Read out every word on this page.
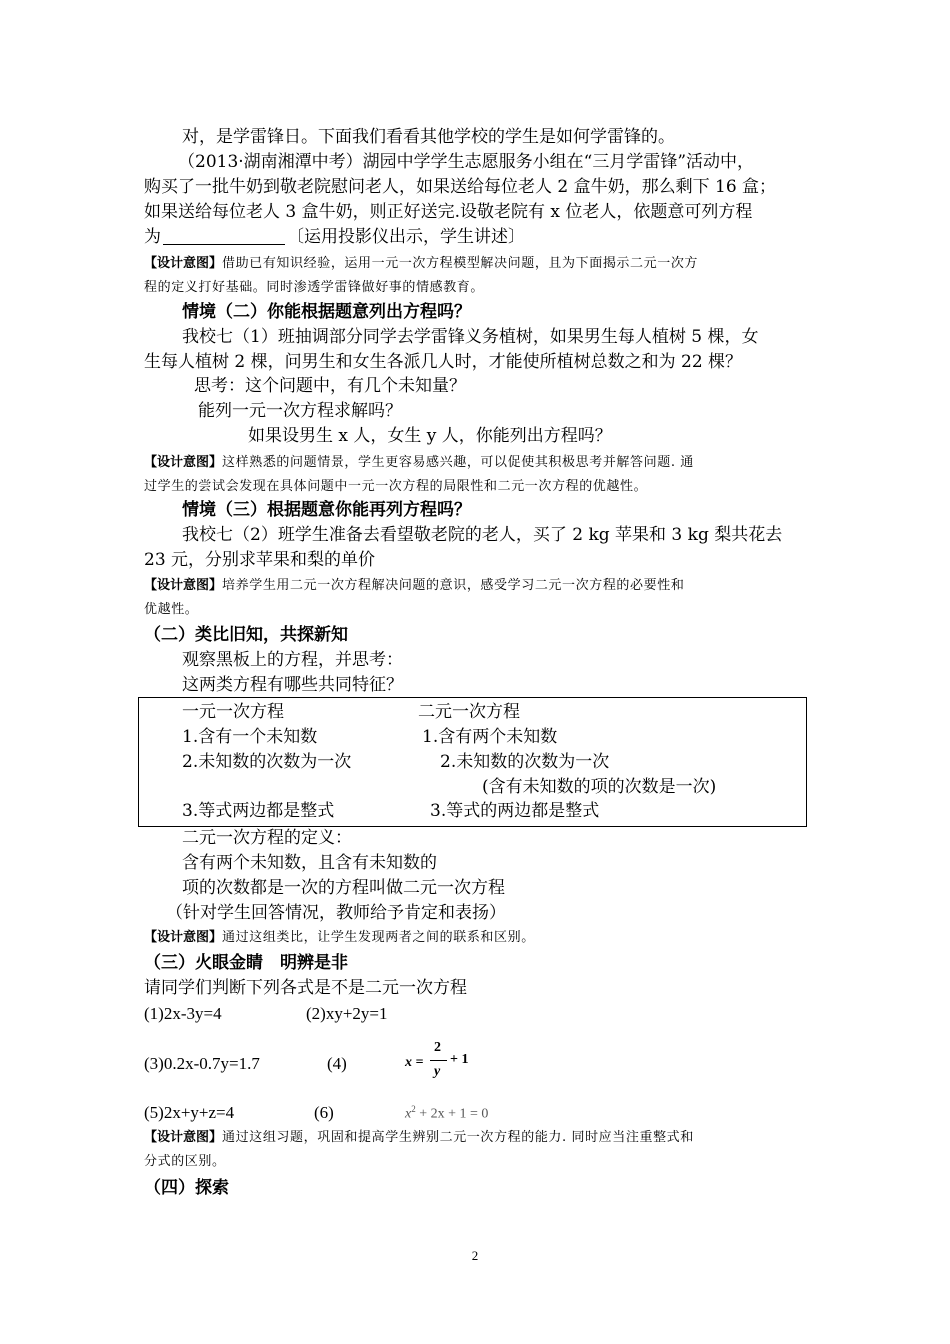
对，是学雷锋日。下面我们看看其他学校的学生是如何学雷锋的。
（2013·湖南湘潭中考）湖园中学学生志愿服务小组在“三月学雷锋”活动中，
购买了一批牛奶到敬老院慰问老人，如果送给每位老人 2 盒牛奶，那么剩下 16 盒；
如果送给每位老人 3 盒牛奶，则正好送完.设敬老院有 x 位老人，依题意可列方程
为	〔运用投影仪出示，学生讲述〕
【设计意图】借助已有知识经验，运用一元一次方程模型解决问题，且为下面揭示二元一次方
程的定义打好基础。同时渗透学雷锋做好事的情感教育。
情境（二）你能根据题意列出方程吗？
我校七（1）班抽调部分同学去学雷锋义务植树，如果男生每人植树 5 棵，女
生每人植树 2 棵，问男生和女生各派几人时，才能使所植树总数之和为 22 棵？
思考：这个问题中，有几个未知量？
能列一元一次方程求解吗？
如果设男生 x 人，女生 y 人，你能列出方程吗？
【设计意图】这样熟悉的问题情景，学生更容易感兴趣，可以促使其积极思考并解答问题. 通
过学生的尝试会发现在具体问题中一元一次方程的局限性和二元一次方程的优越性。
情境（三）根据题意你能再列方程吗？
我校七（2）班学生准备去看望敬老院的老人，买了 2 kg 苹果和 3 kg 梨共花去
23 元，分别求苹果和梨的单价
【设计意图】培养学生用二元一次方程解决问题的意识，感受学习二元一次方程的必要性和
优越性。
（二）类比旧知，共探新知
观察黑板上的方程，并思考：
这两类方程有哪些共同特征？
一元一次方程	二元一次方程
1.含有一个未知数	1.含有两个未知数
2.未知数的次数为一次	2.未知数的次数为一次
(含有未知数的项的次数是一次)
3.等式两边都是整式	3.等式的两边都是整式
二元一次方程的定义：
含有两个未知数，且含有未知数的
项的次数都是一次的方程叫做二元一次方程
（针对学生回答情况，教师给予肯定和表扬）
【设计意图】通过这组类比，让学生发现两者之间的联系和区别。
（三）火眼金睛　明辨是非
请同学们判断下列各式是不是二元一次方程
(1)2x-3y=4	(2)xy+2y=1
(3)0.2x-0.7y=1.7	(4)	x =
2
y
+ 1
(5)2x+y+z=4	(6)	$x^2 + 2x + 1 = 0$
【设计意图】通过这组习题，巩固和提高学生辨别二元一次方程的能力. 同时应当注重整式和
分式的区别。
（四）探索
2
